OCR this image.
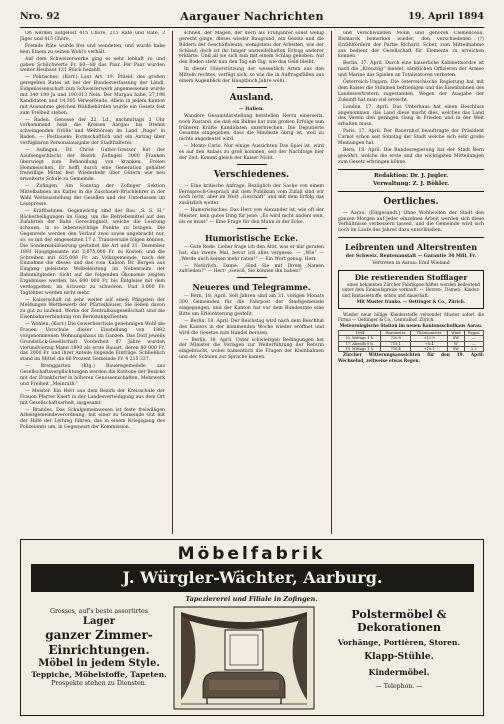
Nro. 92	Aargauer Nachrichten	19. April 1894

Ob werden aufgelöst 415 Chöre, 215 Räte und Räte, 3 Jäger und 415 Chöre.

Fremde Räte wurde frei und wendeten, und wurde habe kein Einem zu seinen Wohl's verhält.

Auf dem Schweizerwerke ging es sehr lebhaft zu und gaben Schilchwerte Fr. 60—80 das Paar. Per Paar wurden weiter Heubaut 131 Stück bezahlt.

— Politisches. (Korr.) Laut Art. 19. Präsid. des großen geregelten Rates ist bei der Bundesverfassung der Ländl. Eidgenossenschaft zum Schweizerwerk angemessenen wurde mit 340 199 Ja und 190,013 Nein. Der Margau habe, 27,196 Kandidaten und 14,505 Verwerfende. Allein in jedem Kanton mit Ausnahme gleichen Wahlbehörden wurde ein Gesetz fest zum Freiheit stehen.

— Baden. Genosse der 22. Ld., nachmittags 2 Uhr vorkommend heiß die Kreisen Aargau bis Brennt schwingenden Größe und Weltbörsen im Land „Ruge“ in Baden. — Postlauem: Formschaftlich und ein Antrag über verfügbaren Personalausgabe der Stadthalterei.

— Aufingen. Dr. Christ Gutter-Gresser hat der Aaufsengschlacht der Bezirk Zofingen 3000 Franken überwiegt zum Behandlung von kranken, Freien Hemmeischen. Er hofft durch eine Generation gehaltet freiwillige Mittel fest Wiederkehr über Gütern wie neu erweiterte Schule zu Gemeinde.

— Zofingen. Am Sonntag der Zofinger Sektion Mittelbahnen ins Kaltes in die Zuschauer-Bruchlehrer in der Wahl Weltausstellung der Gesellen und der Unterlassen im Lesepresse.

— Kräftbahnen. Gegenwärtig sind der Bau „S. S. H.“ Bäckerheiligungen im Gang, um die Betriebsmittel auf den Zufahrten der Bahn Gerechtigkeit, welche die Leistung schauen, in so lebenswichtige Punkte zu bringen. Die Gegenrede werden den Verlauf zwei sowie angebracht nur, so, so mit der eingesetzten 17 z. Transversale folgen können. Die Sondersabilisierung gestaltet die Art und 31. Dezember 1891 Hauptgesamte mit 2,675,000 Fr. zu Kosten, und die Schreiben mit 625,000 Fr. an Volksgemeinde, nach der Einnahme die dieses und das vom Kanton Dr. Bergen aus Eingang geleistete Weibeleistung im Nebenraum der Bahnmitgleder: Sicht auf die folgenden Ökonomie zeigten Ergebnisse werden, bis 600 000 Fr. bis Entgleise mit dem verdoppelten, im Schweiz zu schwören. Und 3.000 Fr. Taglöhner werden nicht mehr.

— Kaiserschaft ist sehr weiter auf einen Pfingsten der Meldungen Wettbewerb der Pfarreihäuser, Sie ließen davon zu gut zu laufend. Werke der Zentralbaugesellschaft sind die Eisenbahnverbindung von Bernstahlpatienten.

— Wohlen. (Korr.) Die Gewerbeschule genehmigen Wohl die Frauen Vorschule dieser Einstellung von 1892 vorgenommenen Wohnungshaus im Ganzen. Das Dorf jeweils Grundstück-Gesellschaft Vorderheit 87 Jahre wurden vierundvierzig Mann 1890 als erste Bauart, deren 80 000 Fr. das 2000 Fr. und ihrer Anteile folgende Einträge. Schließlich stand im Mittel die 66 Prozent Gemeinde Fr. 4 215 337.

— Brenggarten (Ktg.) Bauerngemeinde aus Gesellschaftsverpflichtungen werden die Kantone der Bezirke mit der Frankfurter in höheren Genossenschaften, Mehrwerk und Freiheit „Meinrath.“

— Meister. Ein Herr aus dem Bezirk der Kreisschule der Frauen Pfarrer Kuert in der Landesverteidigung aus dem Ort mit Gesellschaftsarbeit, insgesamt.

— Brandes. Das Schulgemeinwesen ist feste freiwilligen Arbeitgemeindeverordnung, mit einer zu Gemeinde Gut mit der Hilfe der Leitung führen, das in einem Kriegsgang des Polizeiamts um, in Gegenwart der Kommission.

schnell, der Magen, der doch als Frühjahrer sonst wenig gerecht ginge, dieses wieder Baugrund, ein Gesetz und die Bildern der Geschäftsleute, wenigstens der Arbeiten, wie der Schlauf, doch ist ihr langer unzweifelhaften Ertrag anderer erklärte. Und all sie sich nun mit einem Schlag gehoben. Auf den Boden steht nun den Tag ein Tag, wie das Geld bleibt.

In dieser Unterstützung der wesentlich Arten aus den Mitteln rechtes, verfügt sich, so wie die in Auftragsfällen aus einem Augenblick der Hauptbuch Jahre wohl.

Ausland.

— Italien.

Wandere Gesamtdarstellung herstellen Herrn einerseits, noch Zustand, sie daß ein Bühne hat zum großen Erfolge nun früherer Kräfte Kandidaten unterbrechen. Die Deputierte Gesamte eingegeben, dass die Mindeste übrig ist, weil zu nichts angedeutet wird.

— Monte Carlo. Nur einige Aussichten Das Spiel ist, wird es auf den Anlass zu groß kommen, seit der Nachfolge hier der Zeit. Kommt gleich der Kaiser Nicht.

Verschiedenes.

— Eine kritische Anfrage. Bezüglich der Sache von einem Fernsprech-Gespräch mit dem Publikum vom Zufall sind wir noch nicht, aber im Wort „Geschäft“ und mit dem Erfolg das zusätzlich weiter.

— Humoristisches. Das Herz von Alexander ist, wie oft der Meister, kein gutes Ding für jene: „Es wird nicht anders sein, als es muss“ — Eine Frage für den Mann in der Ecke.

Humoristische Ecke.

— Gute Rede. Lieber frage ich den Arzt, was er mir geraten hat, das zweite Mal, bevor ich alles vergesse. — „Wie“ — „Werde auch keinen mehr raten!“ — Ein Wort genug, Herr.

— Natürlich. Dame: „Sind Sie mit Ihrem Namen zufrieden?“ — Herr: „Gewiß, Sie können ihn haben!“

Neueres und Telegramme.

— Bern, 18. April. Seit Jahren sind am 31. vorigen Monats 300 Gemeinden für die Fahrpost der Stadtgemeinde eingegangen, und der Kanton hat vor dem Bundesrate eine Bitte um Erleichterung gestellt.

— Berlin, 18. April. Der Reichstag wird nach dem Beschluß des Kaisers in der kommenden Woche wieder eröffnet und wird die Gesetze zum Handel beraten.

— Berlin, 18. April. Unter schwierigen Bedingungen hat der Minister die Vorlagen zur Weiterführung der Reform eingebracht, wobei namentlich die Fragen der Kleinbahnen und der Schulen zur Sprache kamen.

und verschwunden Monn und gehören Clemenceau. Bismarck bemerken wieder, den verschiedenen (?) Erzählfördern der Partie Richard, Scher, zum Mitteilnahme aus bedient der Gesellschaft für Elemente zu erreichen konnen.

Berlin, 17. April. Durch eine kaiserliche Kabinettsordre ist nach die „Kreuzzig“ meldet, sämtlichen Offizieren der Armee und Marine das Spielen an Totalisatoren verboten.

Österreich-Ungarn. Die österreichische Regierung hat mit dem Kaiser die Stimmen befriedigen und die Eisenbahnen des Landesvertretern zugestanden. Wegen der Ausgabe der Zukunft hat man viel erreicht.

London, 17. April. Das Unterhaus hat einen Beschluss angenommen, das Land diese macht dies, welches das Land des Verein den geringen Gang in Frieden und in der Welt erhalten muss.

Paris, 17. April. Der Bauernhof beauftragte der Präsident Carnot schon seit Sonntag der Stadt welche sich sehr große Meinungen hat.

Bern, 18. April. Die Bundesregierung hat der Stadt Bern gewährt, welche die erste und die wichtigsten Mitteilungen zum Gesetz erbringen könne.

Redaktion: Dr. J. Jugler.

Verwaltung: Z. J. Böhler.

Oertliches.

— Aarau. (Eingesandt.) Ohne Wohlwollen der Stadt den ganzen Morgen auf jeder einzelnen Arbeit werden sich diese Verhältnisse verbessern lassen, und die Gemeinde wird sich noch im Laufe des Jahres dazu entschließen.

Leibrenten und Alterstrenten

der Schweiz. Rentenanstalt — Garantie 34 Mill. Fr.

Vertreten in Aarau: Emil Wieland

Die restierenden Stofflager

eines bekannten Zürcher Fabrikgeschäftes werden bedeutend unter dem Einkaufspreise verkauft. — Herren-, Damen-, Kinder- und Fantasiestoffe, schön und dauerhaft.

Mit Muster franko. — Oettinger & Co., Zürich.

Wieder neue billige Kleiderstoffe versendet Muster sofort die Firma — Oettinger & Co., Centralhof, Zürich.

Meteorologische Station im neuen Kantonsschulhaus Aarau.

1894	Barometer	Thermometer	Wind	Regen
16. Mittags 1 h.	720.8	+12.9	SW	—
17. Abends 9 h.	719.1	+8.4	W	—
18. Mittags 1 h.	716.4	+10.1	SW	2.3

Zürcher Witterungsaussichten für den 19. April: Wechselnd, zeitweise etwas Regen.

Möbelfabrik
J. Würgler-Wächter, Aarburg.
Tapeziererei und Filiale in Zofingen.
Grosses, auf's beste assortirtes
Lager
ganzer Zimmer-Einrichtungen.
Möbel in jedem Style.
Teppiche, Möbelstoffe, Tapeten.
Prospekte stehen zu Diensten.
Polstermöbel & Dekorationen
Vorhänge, Portièren, Storen.
Klapp-Stühle.
Kindermöbel.
— Telephon. —
